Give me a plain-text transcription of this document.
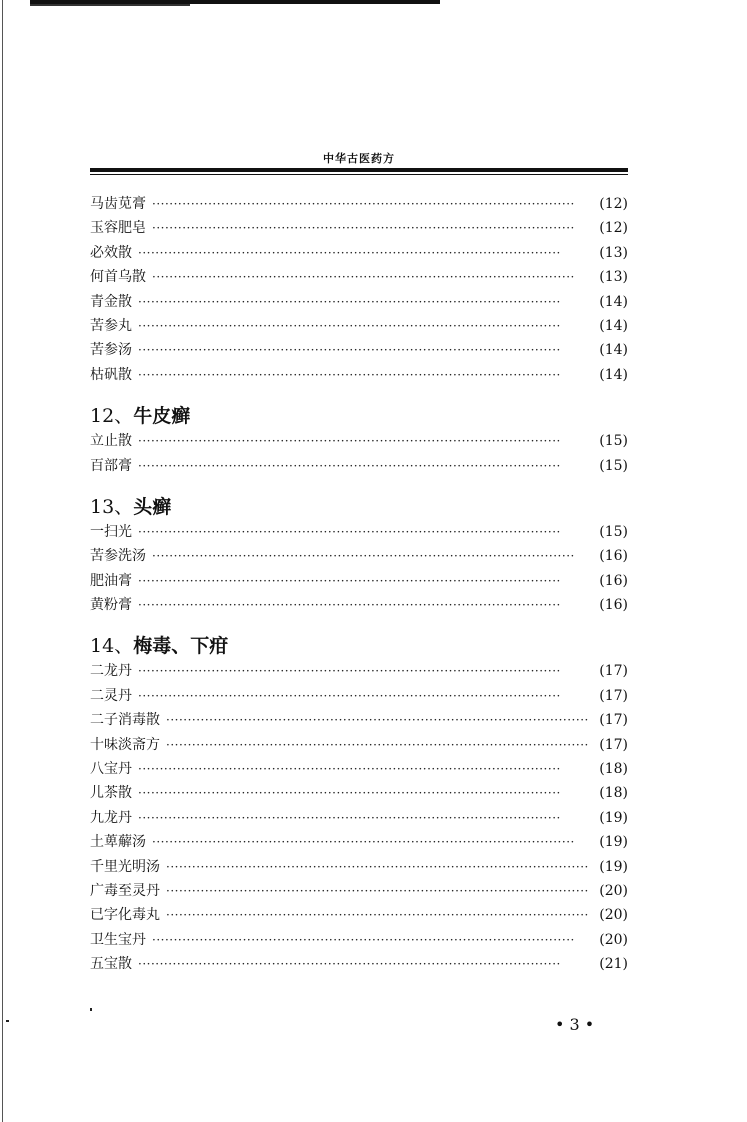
中华古医药方
马齿苋膏 ··································································································	(12)
玉容肥皂 ··································································································	(12)
必效散 ··································································································	(13)
何首乌散 ··································································································	(13)
青金散 ··································································································	(14)
苦参丸 ··································································································	(14)
苦参汤 ··································································································	(14)
枯矾散 ··································································································	(14)
12、牛皮癣
立止散 ··································································································	(15)
百部膏 ··································································································	(15)
13、头癣
一扫光 ··································································································	(15)
苦参洗汤 ··································································································	(16)
肥油膏 ··································································································	(16)
黄粉膏 ··································································································	(16)
14、梅毒、下疳
二龙丹 ··································································································	(17)
二灵丹 ··································································································	(17)
二子消毒散 ·································································································· (17)
十味淡斋方 ·································································································· (17)
八宝丹 ··································································································	(18)
儿茶散 ··································································································	(18)
九龙丹 ··································································································	(19)
土萆薢汤 ··································································································	(19)
千里光明汤 ·································································································· (19)
广毒至灵丹 ·································································································· (20)
已字化毒丸 ·································································································· (20)
卫生宝丹 ··································································································	(20)
五宝散 ··································································································	(21)
• 3 •
